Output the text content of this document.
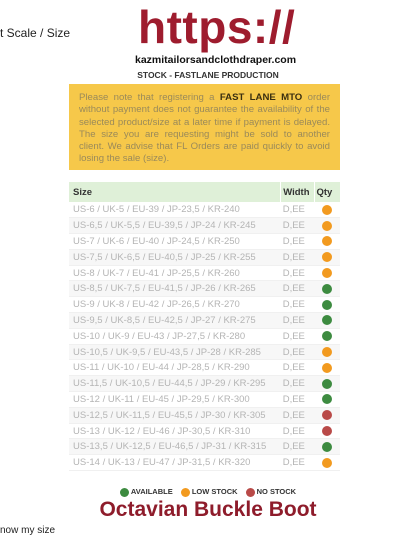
t Scale / Size https://
kazmitailorsandclothdraper.com
STOCK - FASTLANE PRODUCTION
Please note that registering a FAST LANE MTO order without payment does not guarantee the availability of the selected product/size at a later time if payment is delayed. The size you are requesting might be sold to another client. We advise that FL Orders are paid quickly to avoid losing the sale (size).
Size	Width	Qty
US-6 / UK-5 / EU-39 / JP-23,5 / KR-240	D,EE	
US-6,5 / UK-5,5 / EU-39,5 / JP-24 / KR-245	D,EE	
US-7 / UK-6 / EU-40 / JP-24,5 / KR-250	D,EE	
US-7,5 / UK-6,5 / EU-40,5 / JP-25 / KR-255	D,EE	
US-8 / UK-7 / EU-41 / JP-25,5 / KR-260	D,EE	
US-8,5 / UK-7,5 / EU-41,5 / JP-26 / KR-265	D,EE	
US-9 / UK-8 / EU-42 / JP-26,5 / KR-270	D,EE	
US-9,5 / UK-8,5 / EU-42,5 / JP-27 / KR-275	D,EE	
US-10 / UK-9 / EU-43 / JP-27,5 / KR-280	D,EE	
US-10,5 / UK-9,5 / EU-43,5 / JP-28 / KR-285	D,EE	
US-11 / UK-10 / EU-44 / JP-28,5 / KR-290	D,EE	
US-11,5 / UK-10,5 / EU-44,5 / JP-29 / KR-295	D,EE	
US-12 / UK-11 / EU-45 / JP-29,5 / KR-300	D,EE	
US-12,5 / UK-11,5 / EU-45,5 / JP-30 / KR-305	D,EE	
US-13 / UK-12 / EU-46 / JP-30,5 / KR-310	D,EE	
US-13,5 / UK-12,5 / EU-46,5 / JP-31 / KR-315	D,EE	
US-14 / UK-13 / EU-47 / JP-31,5 / KR-320	D,EE	
AVAILABLE	LOW STOCK	NO STOCK
Octavian Buckle Boot
now my size
